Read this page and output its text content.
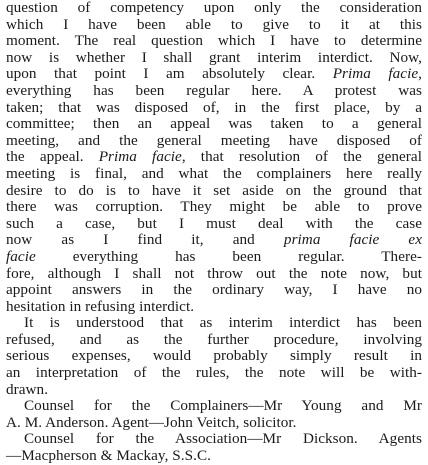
question of competency upon only the consideration
which I have been able to give to it at this
moment. The real question which I have to determine
now is whether I shall grant interim interdict. Now,
upon that point I am absolutely clear. Prima facie,
everything has been regular here. A protest was
taken; that was disposed of, in the first place, by a
committee; then an appeal was taken to a general
meeting, and the general meeting have disposed of
the appeal. Prima facie, that resolution of the general
meeting is final, and what the complainers here really
desire to do is to have it set aside on the ground that
there was corruption. They might be able to prove
such a case, but I must deal with the case
now as I find it, and prima facie ex
facie everything has been regular. There-
fore, although I shall not throw out the note now, but
appoint answers in the ordinary way, I have no
hesitation in refusing interdict.
It is understood that as interim interdict has been
refused, and as the further procedure, involving
serious expenses, would probably simply result in
an interpretation of the rules, the note will be with-
drawn.
Counsel for the Complainers—Mr Young and Mr
A. M. Anderson. Agent—John Veitch, solicitor.
Counsel for the Association—Mr Dickson. Agents
—Macpherson & Mackay, S.S.C.
